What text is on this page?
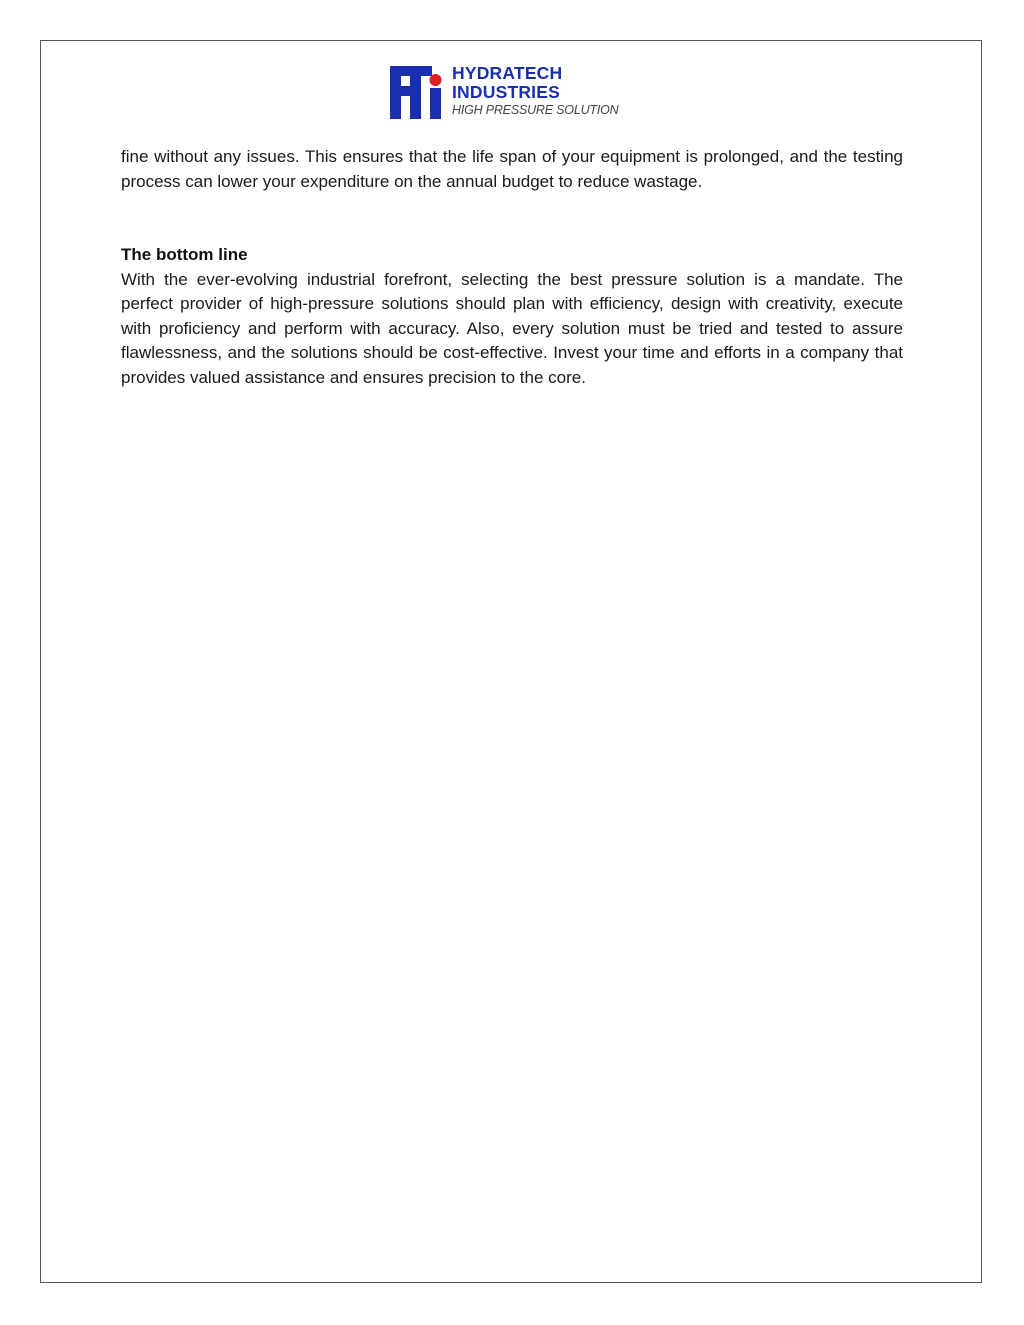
HYDRATECH
INDUSTRIES
HIGH PRESSURE SOLUTION

fine without any issues. This ensures that the life span of your equipment is prolonged, and the testing process can lower your expenditure on the annual budget to reduce wastage.

The bottom line

With the ever-evolving industrial forefront, selecting the best pressure solution is a mandate. The perfect provider of high-pressure solutions should plan with efficiency, design with creativity, execute with proficiency and perform with accuracy. Also, every solution must be tried and tested to assure flawlessness, and the solutions should be cost-effective. Invest your time and efforts in a company that provides valued assistance and ensures precision to the core.
